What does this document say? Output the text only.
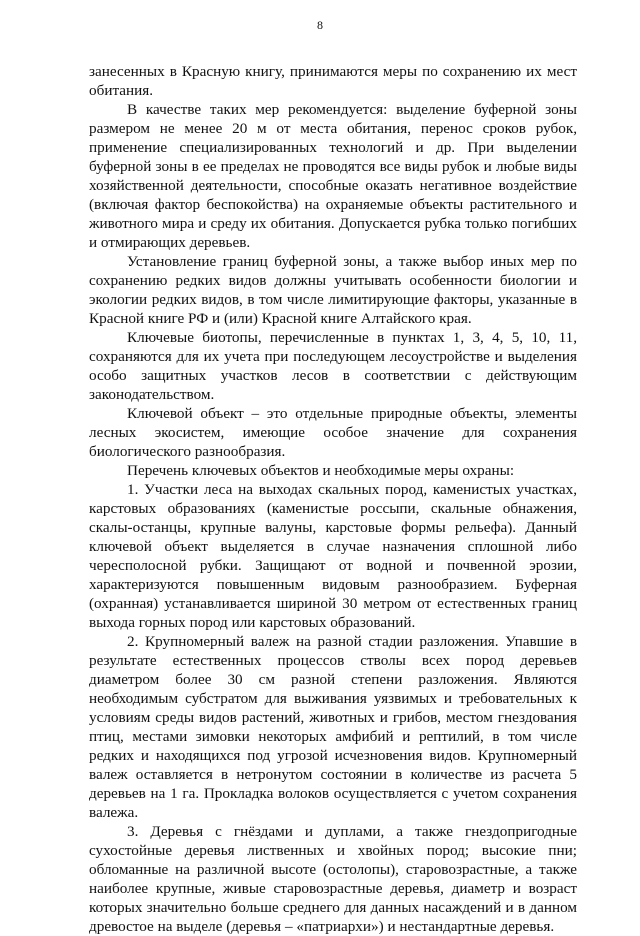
8

занесенных в Красную книгу, принимаются меры по сохранению их мест обитания.

В качестве таких мер рекомендуется: выделение буферной зоны размером не менее 20 м от места обитания, перенос сроков рубок, применение специализированных технологий и др. При выделении буферной зоны в ее пределах не проводятся все виды рубок и любые виды хозяйственной деятельности, способные оказать негативное воздействие (включая фактор беспокойства) на охраняемые объекты растительного и животного мира и среду их обитания. Допускается рубка только погибших и отмирающих деревьев.

Установление границ буферной зоны, а также выбор иных мер по сохранению редких видов должны учитывать особенности биологии и экологии редких видов, в том числе лимитирующие факторы, указанные в Красной книге РФ и (или) Красной книге Алтайского края.

Ключевые биотопы, перечисленные в пунктах 1, 3, 4, 5, 10, 11, сохраняются для их учета при последующем лесоустройстве и выделения особо защитных участков лесов в соответствии с действующим законодательством.

Ключевой объект – это отдельные природные объекты, элементы лесных экосистем, имеющие особое значение для сохранения биологического разнообразия.

Перечень ключевых объектов и необходимые меры охраны:

1. Участки леса на выходах скальных пород, каменистых участках, карстовых образованиях (каменистые россыпи, скальные обнажения, скалы-останцы, крупные валуны, карстовые формы рельефа). Данный ключевой объект выделяется в случае назначения сплошной либо чересполосной рубки. Защищают от водной и почвенной эрозии, характеризуются повышенным видовым разнообразием. Буферная (охранная) устанавливается шириной 30 метром от естественных границ выхода горных пород или карстовых образований.

2. Крупномерный валеж на разной стадии разложения. Упавшие в результате естественных процессов стволы всех пород деревьев диаметром более 30 см разной степени разложения. Являются необходимым субстратом для выживания уязвимых и требовательных к условиям среды видов растений, животных и грибов, местом гнездования птиц, местами зимовки некоторых амфибий и рептилий, в том числе редких и находящихся под угрозой исчезновения видов. Крупномерный валеж оставляется в нетронутом состоянии в количестве из расчета 5 деревьев на 1 га. Прокладка волоков осуществляется с учетом сохранения валежа.

3. Деревья с гнёздами и дуплами, а также гнездопригодные сухостойные деревья лиственных и хвойных пород; высокие пни; обломанные на различной высоте (остолопы), старовозрастные, а также наиболее крупные, живые старовозрастные деревья, диаметр и возраст которых значительно больше среднего для данных насаждений и в данном древостое на выделе (деревья – «патриархи») и нестандартные деревья.
